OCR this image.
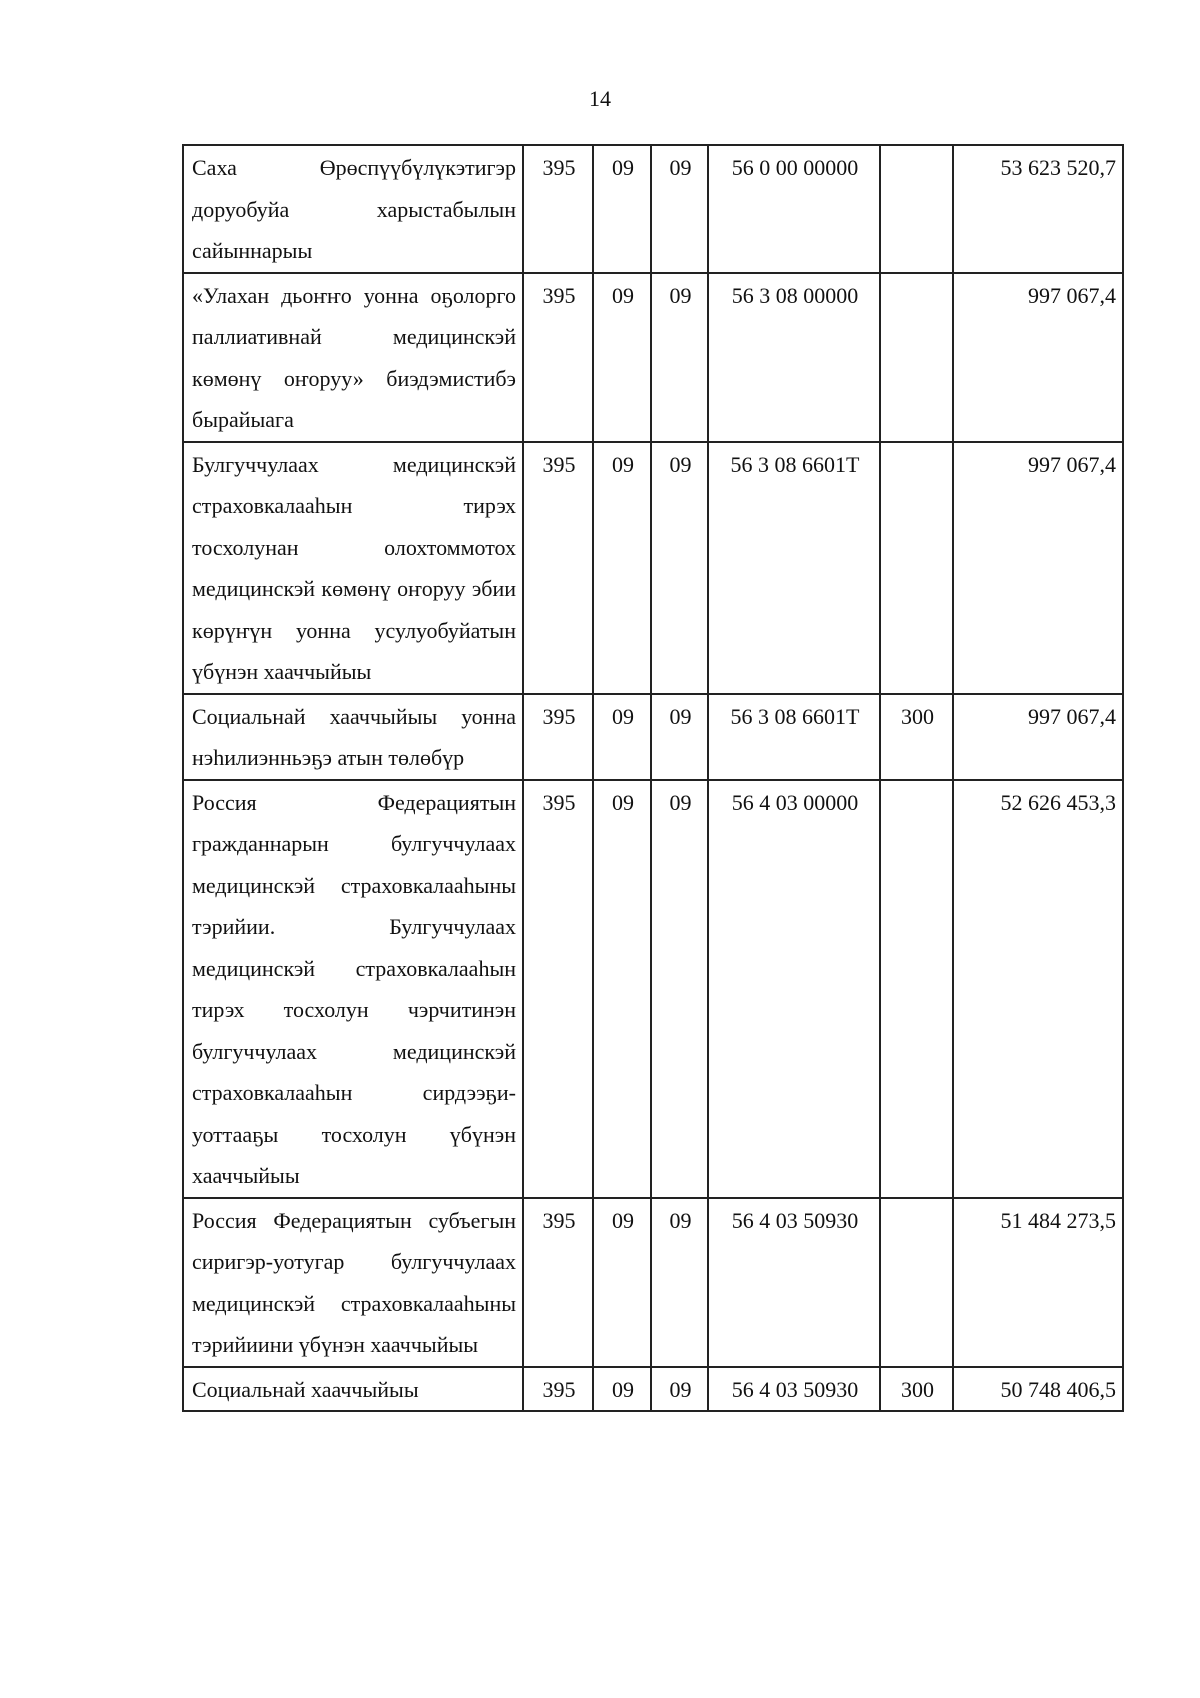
14
Саха Өрөспүүбүлүкэтигэр доруобуйа харыстабылын сайыннарыы	395	09	09	56 0 00 00000		53 623 520,7
«Улахан дьоҥҥо уонна оҕолорго паллиативнай медицинскэй көмөнү оҥоруу» биэдэмистибэ бырайыага	395	09	09	56 3 08 00000		997 067,4
Булгуччулаах медицинскэй страховкалааһын тирэх тосхолунан олохтоммотох медицинскэй көмөнү оҥоруу эбии көрүҥүн уонна усулуобуйатын үбүнэн хааччыйыы	395	09	09	56 3 08 6601Т		997 067,4
Социальнай хааччыйыы уонна нэһилиэнньэҕэ атын төлөбүр	395	09	09	56 3 08 6601Т	300	997 067,4
Россия Федерациятын гражданнарын булгуччулаах медицинскэй страховкалааһыны тэрийии. Булгуччулаах медицинскэй страховкалааһын тирэх тосхолун чэрчитинэн булгуччулаах медицинскэй страховкалааһын сирдээҕи-уоттааҕы тосхолун үбүнэн хааччыйыы	395	09	09	56 4 03 00000		52 626 453,3
Россия Федерациятын субъегын сиригэр-уотугар булгуччулаах медицинскэй страховкалааһыны тэрийиини үбүнэн хааччыйыы	395	09	09	56 4 03 50930		51 484 273,5
Социальнай хааччыйыы	395	09	09	56 4 03 50930	300	50 748 406,5
